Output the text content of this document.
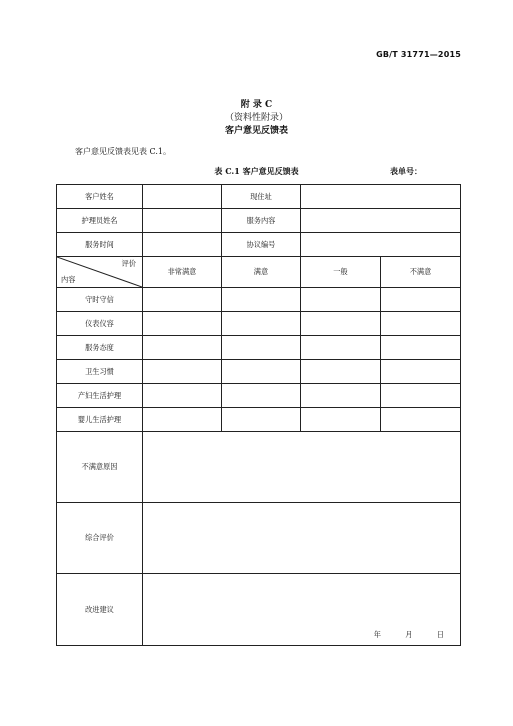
GB/T 31771—2015
附 录 C
（资料性附录）
客户意见反馈表
客户意见反馈表见表 C.1。
表 C.1 客户意见反馈表	表单号：
客户姓名		现住址		
护理员姓名		服务内容		
服务时间		协议编号		

评价
内容	非常满意	满意	一般	不满意
守时守信				
仪表仪容				
服务态度				
卫生习惯				
产妇生活护理				
婴儿生活护理				
不满意原因				
综合评价				
改进建议	年 月 日			
